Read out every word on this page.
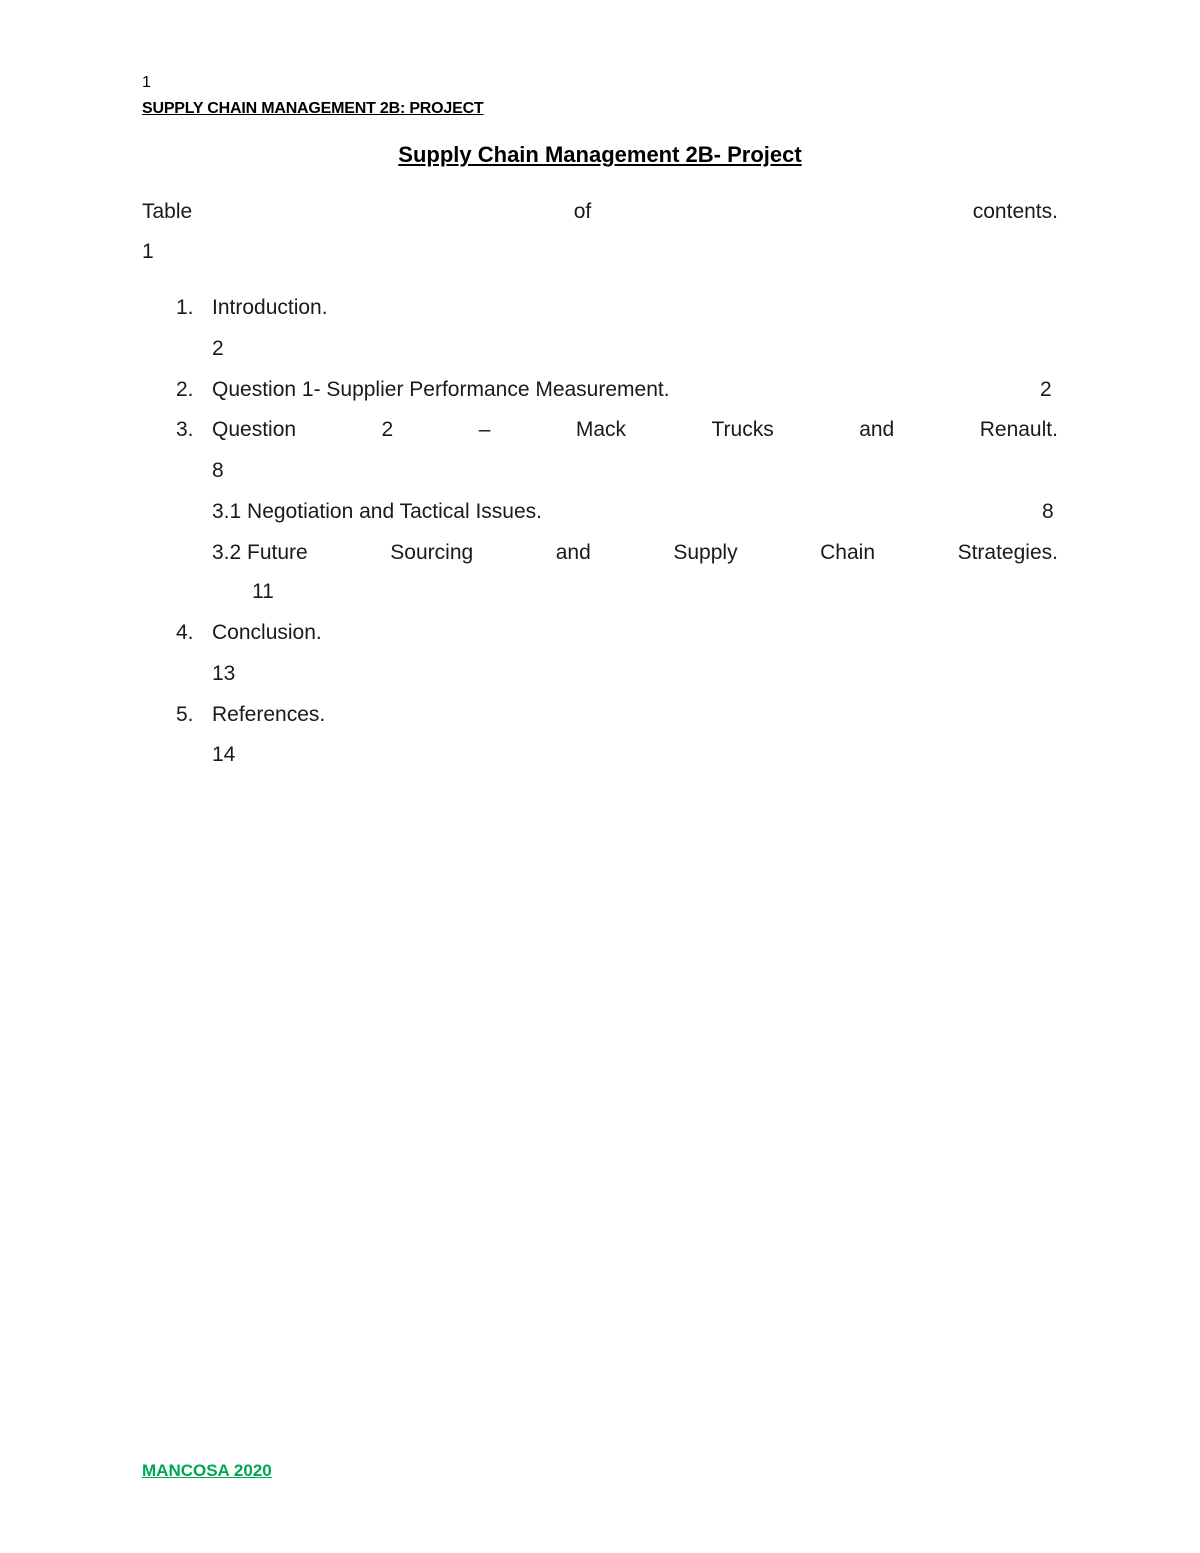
1
SUPPLY CHAIN MANAGEMENT 2B: PROJECT
Supply Chain Management 2B- Project
Table	of	contents.
1
1. Introduction.
2
2. Question 1- Supplier Performance Measurement.	2
3. Question	2	–	Mack	Trucks	and	Renault.
8
3.1 Negotiation and Tactical Issues.	8
3.2 Future	Sourcing	and	Supply	Chain	Strategies.
11
4. Conclusion.
13
5. References.
14
MANCOSA 2020
